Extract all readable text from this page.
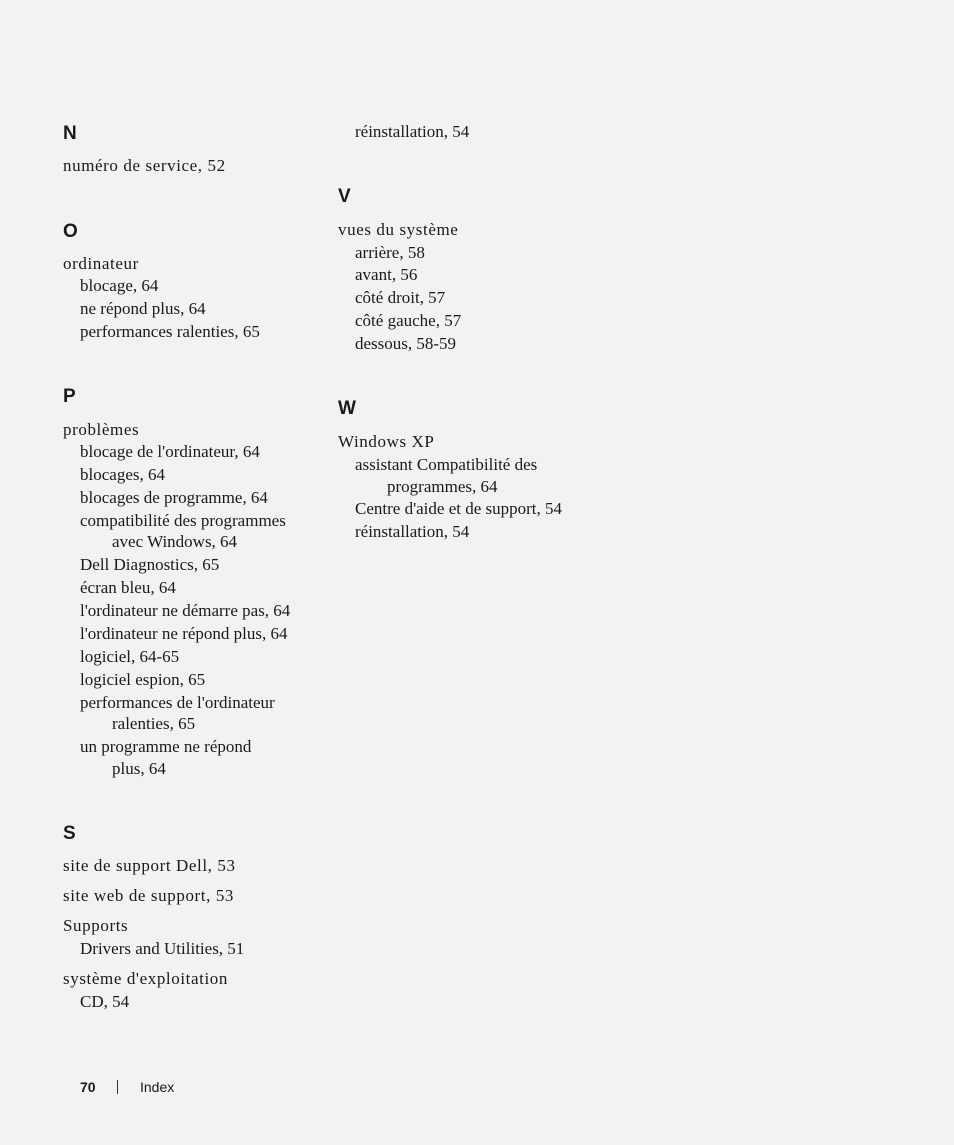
N
numéro de service, 52
O
ordinateur
blocage, 64
ne répond plus, 64
performances ralenties, 65
P
problèmes
blocage de l'ordinateur, 64
blocages, 64
blocages de programme, 64
compatibilité des programmes
avec Windows, 64
Dell Diagnostics, 65
écran bleu, 64
l'ordinateur ne démarre pas, 64
l'ordinateur ne répond plus, 64
logiciel, 64-65
logiciel espion, 65
performances de l'ordinateur
ralenties, 65
un programme ne répond
plus, 64
S
site de support Dell, 53
site web de support, 53
Supports
Drivers and Utilities, 51
système d'exploitation
CD, 54
réinstallation, 54
V
vues du système
arrière, 58
avant, 56
côté droit, 57
côté gauche, 57
dessous, 58-59
W
Windows XP
assistant Compatibilité des
programmes, 64
Centre d'aide et de support, 54
réinstallation, 54
70	Index
